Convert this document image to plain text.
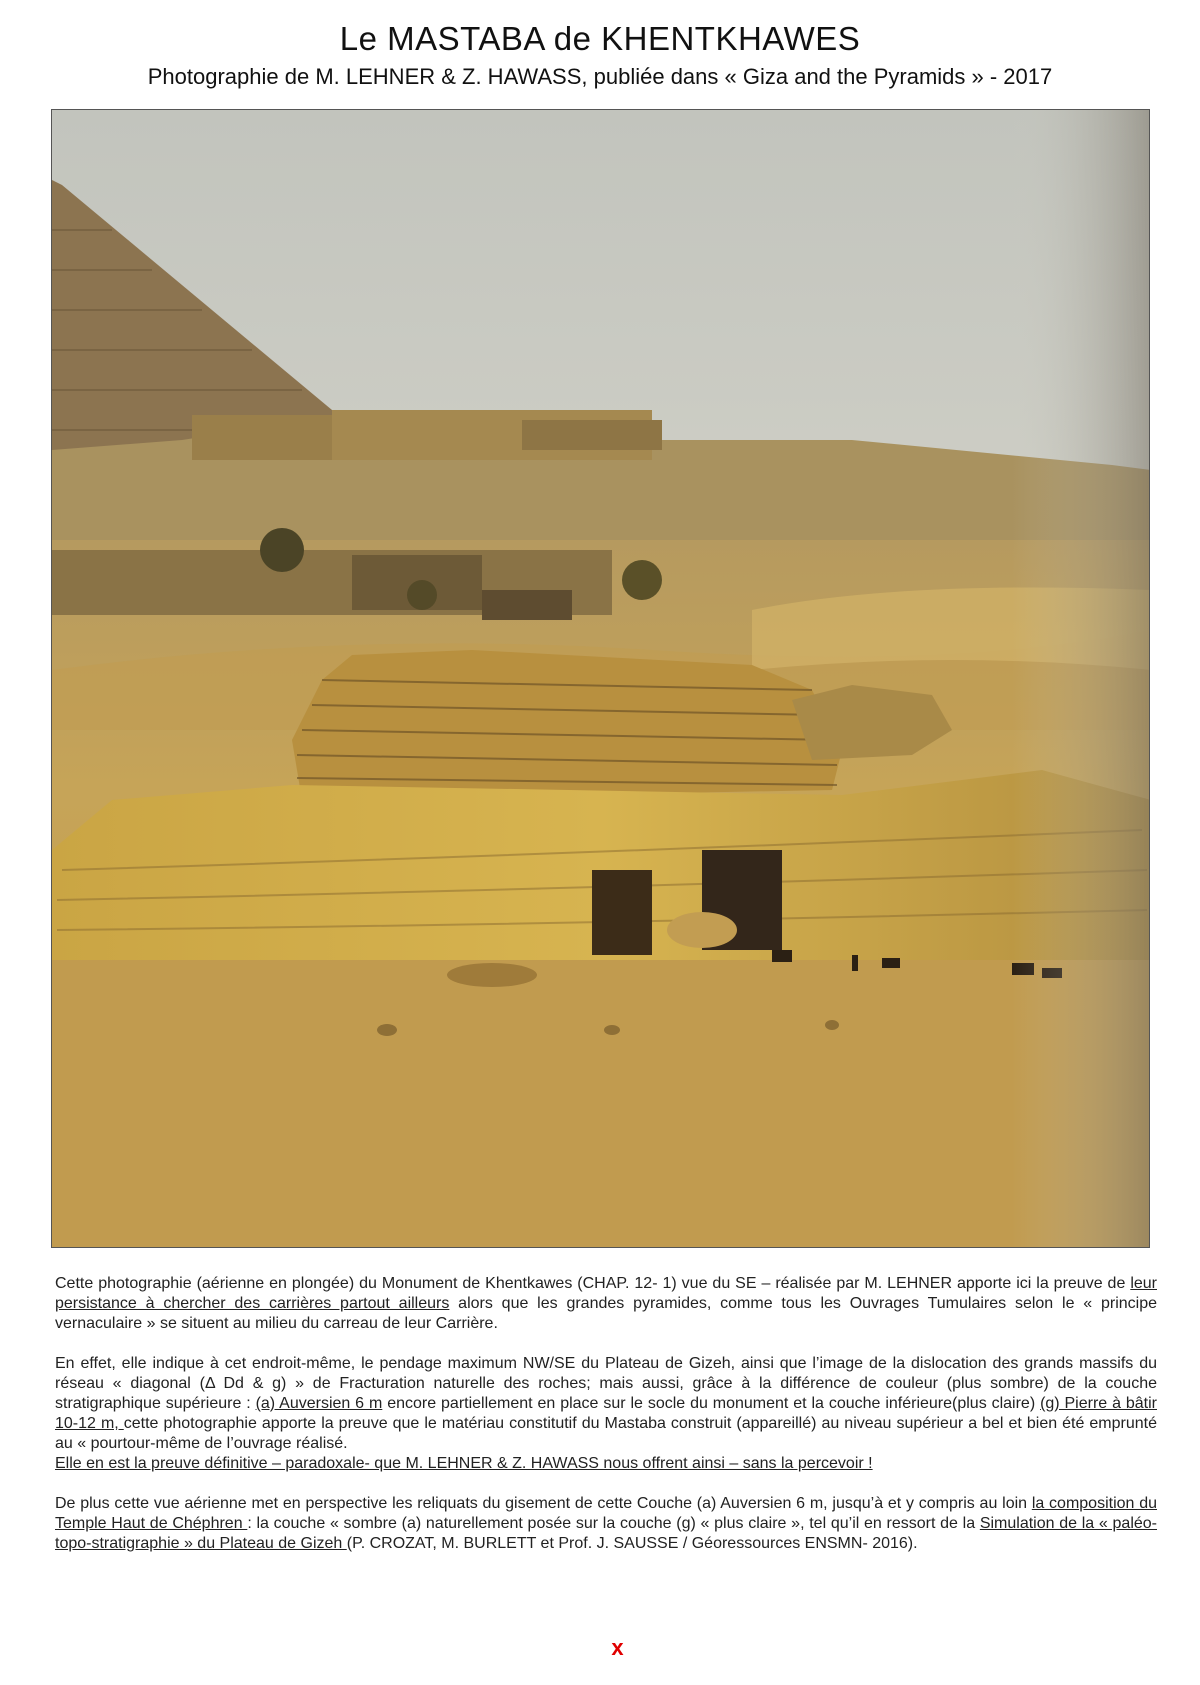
Le MASTABA de KHENTKHAWES
Photographie de M. LEHNER & Z. HAWASS, publiée dans « Giza and the Pyramids » - 2017

Cette photographie (aérienne en plongée) du Monument de Khentkawes (CHAP. 12- 1) vue du SE – réalisée par M. LEHNER apporte ici la preuve de leur persistance à chercher des carrières partout ailleurs alors que les grandes pyramides, comme tous les Ouvrages Tumulaires selon le « principe vernaculaire » se situent au milieu du carreau de leur Carrière.

En effet, elle indique à cet endroit-même, le pendage maximum NW/SE du Plateau de Gizeh, ainsi que l’image de la dislocation des grands massifs du réseau « diagonal (Δ Dd & g) » de Fracturation naturelle des roches; mais aussi, grâce à la différence de couleur (plus sombre) de la couche stratigraphique supérieure : (a) Auversien 6 m encore partiellement en place sur le socle du monument et la couche inférieure(plus claire) (g) Pierre à bâtir 10-12 m, cette photographie apporte la preuve que le matériau constitutif du Mastaba construit (appareillé) au niveau supérieur a bel et bien été emprunté au « pourtour-même de l’ouvrage réalisé.
Elle en est la preuve définitive – paradoxale- que M. LEHNER & Z. HAWASS nous offrent ainsi – sans la percevoir !

De plus cette vue aérienne met en perspective les reliquats du gisement de cette Couche (a) Auversien 6 m, jusqu’à et y compris au loin la composition du Temple Haut de Chéphren : la couche « sombre (a) naturellement posée sur la couche (g) « plus claire », tel qu’il en ressort de la Simulation de la « paléo-topo-stratigraphie » du Plateau de Gizeh (P. CROZAT, M. BURLETT et Prof. J. SAUSSE / Géoressources ENSMN- 2016).

x
